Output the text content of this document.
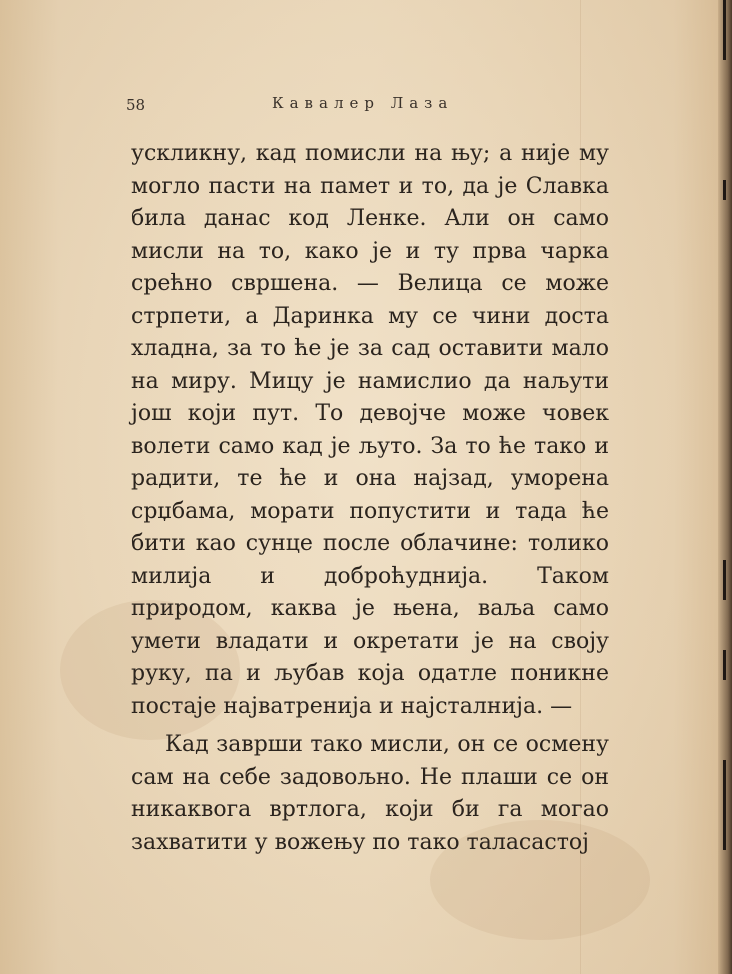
58	Кавалер Лаза

ускликну, кад помисли на њу; а није му могло пасти на памет и то, да је Славка била данас код Ленке. Али он само мисли на то, како је и ту прва чарка срећно свршена. — Велица се може стрпети, а Даринка му се чини доста хладна, за то ће је за сад оставити мало на миру. Мицу је намислио да наљути још који пут. То девојче може човек волети само кад је љуто. За то ће тако и радити, те ће и она најзад, уморена срџбама, морати попустити и тада ће бити као сунце после облачине: толико милија и доброћуднија. Таком природом, каква је њена, ваља само умети владати и окретати је на своју руку, па и љубав која одатле поникне постаје најватренија и најсталнија. —

Кад заврши тако мисли, он се осмену сам на себе задовољно. Не плаши се он никаквога вртлога, који би га могао захватити у вожењу по тако таласастој
